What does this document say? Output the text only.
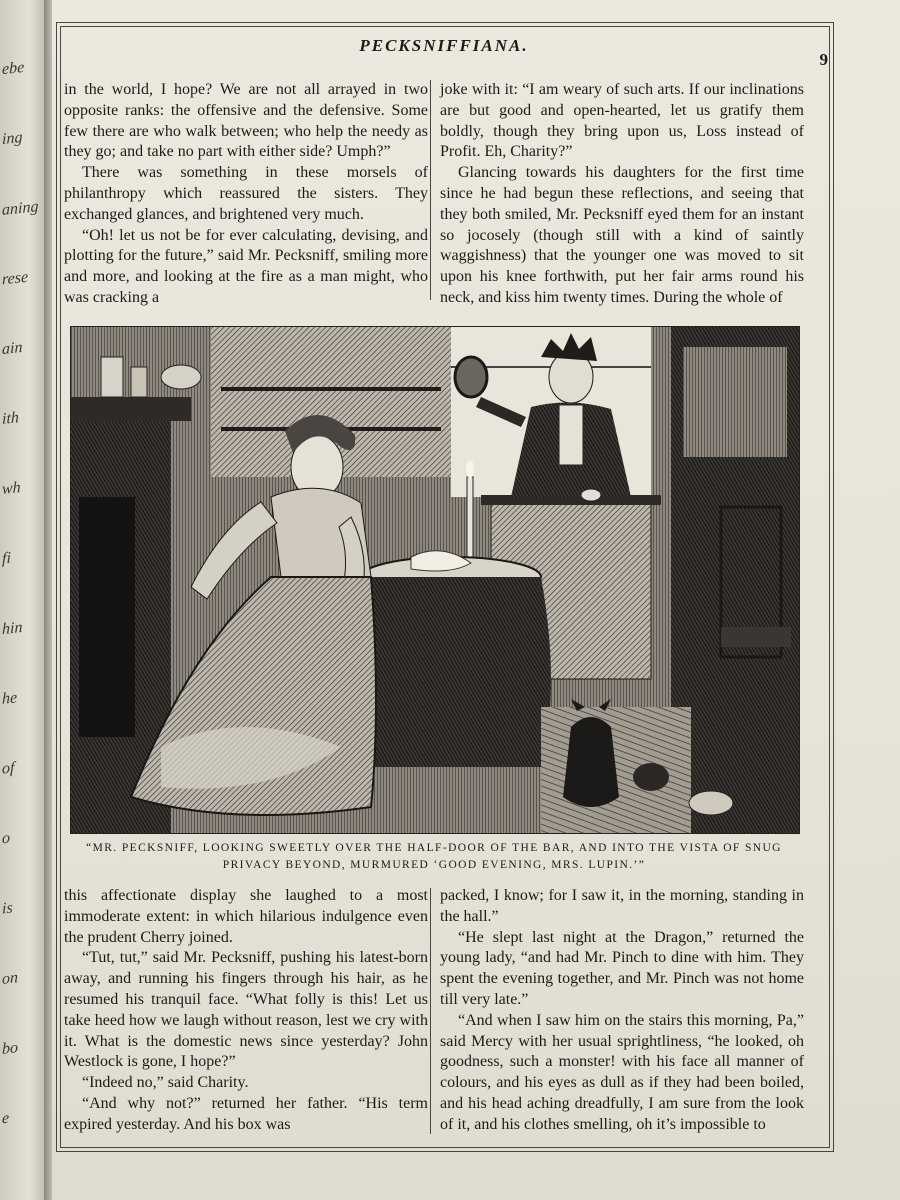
ebe
ing
aning
rese
ain
ith
wh
fi
hin
he
of
o
is
on
bo
e
PECKSNIFFIANA.
9

in the world, I hope? We are not all arrayed in two opposite ranks: the offensive and the defensive. Some few there are who walk between; who help the needy as they go; and take no part with either side? Umph?”

There was something in these morsels of philanthropy which reassured the sisters. They exchanged glances, and brightened very much.

“Oh! let us not be for ever calculating, devising, and plotting for the future,” said Mr. Pecksniff, smiling more and more, and looking at the fire as a man might, who was cracking a

joke with it: “I am weary of such arts. If our inclinations are but good and open-hearted, let us gratify them boldly, though they bring upon us, Loss instead of Profit. Eh, Charity?”

Glancing towards his daughters for the first time since he had begun these reflections, and seeing that they both smiled, Mr. Pecksniff eyed them for an instant so jocosely (though still with a kind of saintly waggishness) that the younger one was moved to sit upon his knee forthwith, put her fair arms round his neck, and kiss him twenty times. During the whole of

“MR. PECKSNIFF, LOOKING SWEETLY OVER THE HALF-DOOR OF THE BAR, AND INTO THE VISTA OF SNUG PRIVACY BEYOND, MURMURED ‘GOOD EVENING, MRS. LUPIN.’”

this affectionate display she laughed to a most immoderate extent: in which hilarious indulgence even the prudent Cherry joined.

“Tut, tut,” said Mr. Pecksniff, pushing his latest-born away, and running his fingers through his hair, as he resumed his tranquil face. “What folly is this! Let us take heed how we laugh without reason, lest we cry with it. What is the domestic news since yesterday? John Westlock is gone, I hope?”

“Indeed no,” said Charity.

“And why not?” returned her father. “His term expired yesterday. And his box was

packed, I know; for I saw it, in the morning, standing in the hall.”

“He slept last night at the Dragon,” returned the young lady, “and had Mr. Pinch to dine with him. They spent the evening together, and Mr. Pinch was not home till very late.”

“And when I saw him on the stairs this morning, Pa,” said Mercy with her usual sprightliness, “he looked, oh goodness, such a monster! with his face all manner of colours, and his eyes as dull as if they had been boiled, and his head aching dreadfully, I am sure from the look of it, and his clothes smelling, oh it’s impossible to
